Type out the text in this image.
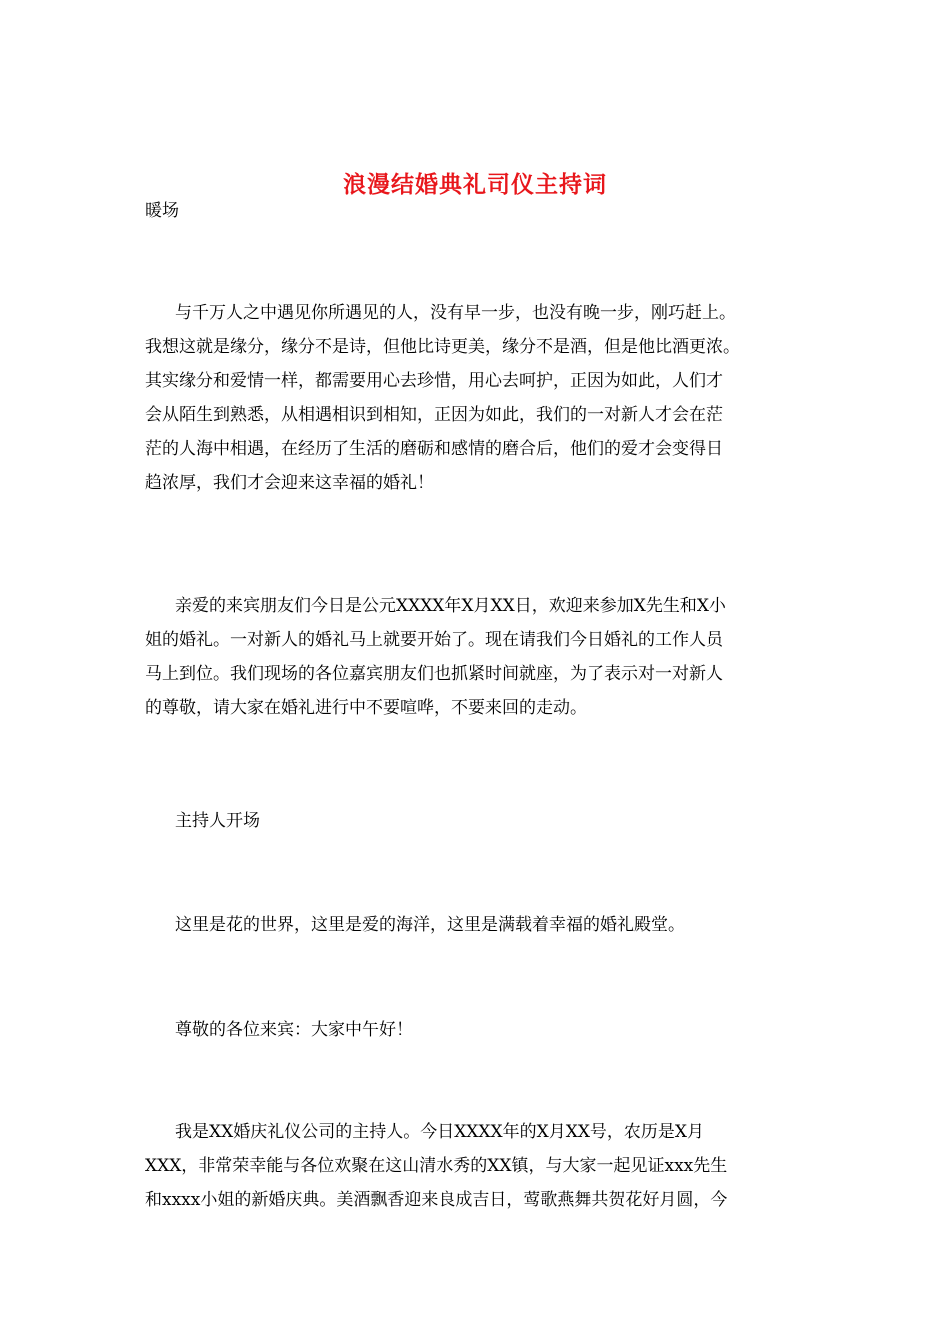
浪漫结婚典礼司仪主持词

暖场

与千万人之中遇见你所遇见的人，没有早一步，也没有晚一步，刚巧赶上。
我想这就是缘分，缘分不是诗，但他比诗更美，缘分不是酒，但是他比酒更浓。
其实缘分和爱情一样，都需要用心去珍惜，用心去呵护，正因为如此，人们才
会从陌生到熟悉，从相遇相识到相知，正因为如此，我们的一对新人才会在茫
茫的人海中相遇，在经历了生活的磨砺和感情的磨合后，他们的爱才会变得日
趋浓厚，我们才会迎来这幸福的婚礼！

亲爱的来宾朋友们今日是公元XXXX年X月XX日，欢迎来参加X先生和X小
姐的婚礼。一对新人的婚礼马上就要开始了。现在请我们今日婚礼的工作人员
马上到位。我们现场的各位嘉宾朋友们也抓紧时间就座，为了表示对一对新人
的尊敬，请大家在婚礼进行中不要喧哗，不要来回的走动。

主持人开场

这里是花的世界，这里是爱的海洋，这里是满载着幸福的婚礼殿堂。

尊敬的各位来宾：大家中午好！

我是XX婚庆礼仪公司的主持人。今日XXXX年的X月XX号，农历是X月
XXX，非常荣幸能与各位欢聚在这山清水秀的XX镇，与大家一起见证xxx先生
和xxxx小姐的新婚庆典。美酒飘香迎来良成吉日，莺歌燕舞共贺花好月圆，今
